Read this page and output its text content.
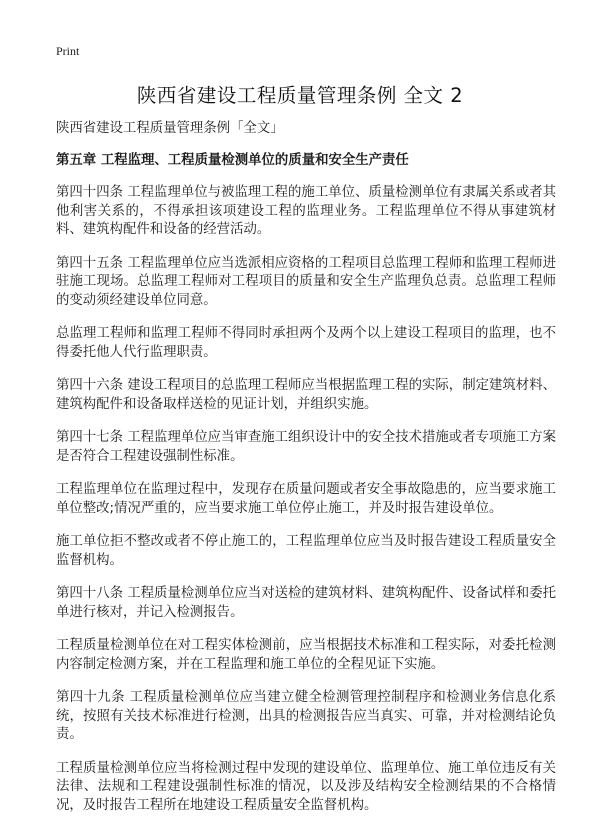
Print
陕西省建设工程质量管理条例 全文 2

陕西省建设工程质量管理条例「全文」

第五章 工程监理、工程质量检测单位的质量和安全生产责任

第四十四条 工程监理单位与被监理工程的施工单位、质量检测单位有隶属关系或者其他利害关系的，不得承担该项建设工程的监理业务。工程监理单位不得从事建筑材料、建筑构配件和设备的经营活动。

第四十五条 工程监理单位应当选派相应资格的工程项目总监理工程师和监理工程师进驻施工现场。总监理工程师对工程项目的质量和安全生产监理负总责。总监理工程师的变动须经建设单位同意。

总监理工程师和监理工程师不得同时承担两个及两个以上建设工程项目的监理，也不得委托他人代行监理职责。

第四十六条 建设工程项目的总监理工程师应当根据监理工程的实际，制定建筑材料、建筑构配件和设备取样送检的见证计划，并组织实施。

第四十七条 工程监理单位应当审查施工组织设计中的安全技术措施或者专项施工方案是否符合工程建设强制性标准。

工程监理单位在监理过程中，发现存在质量问题或者安全事故隐患的，应当要求施工单位整改;情况严重的，应当要求施工单位停止施工，并及时报告建设单位。

施工单位拒不整改或者不停止施工的，工程监理单位应当及时报告建设工程质量安全监督机构。

第四十八条 工程质量检测单位应当对送检的建筑材料、建筑构配件、设备试样和委托单进行核对，并记入检测报告。

工程质量检测单位在对工程实体检测前，应当根据技术标准和工程实际，对委托检测内容制定检测方案，并在工程监理和施工单位的全程见证下实施。

第四十九条 工程质量检测单位应当建立健全检测管理控制程序和检测业务信息化系统，按照有关技术标准进行检测，出具的检测报告应当真实、可靠，并对检测结论负责。

工程质量检测单位应当将检测过程中发现的建设单位、监理单位、施工单位违反有关法律、法规和工程建设强制性标准的情况，以及涉及结构安全检测结果的不合格情况，及时报告工程所在地建设工程质量安全监督机构。
